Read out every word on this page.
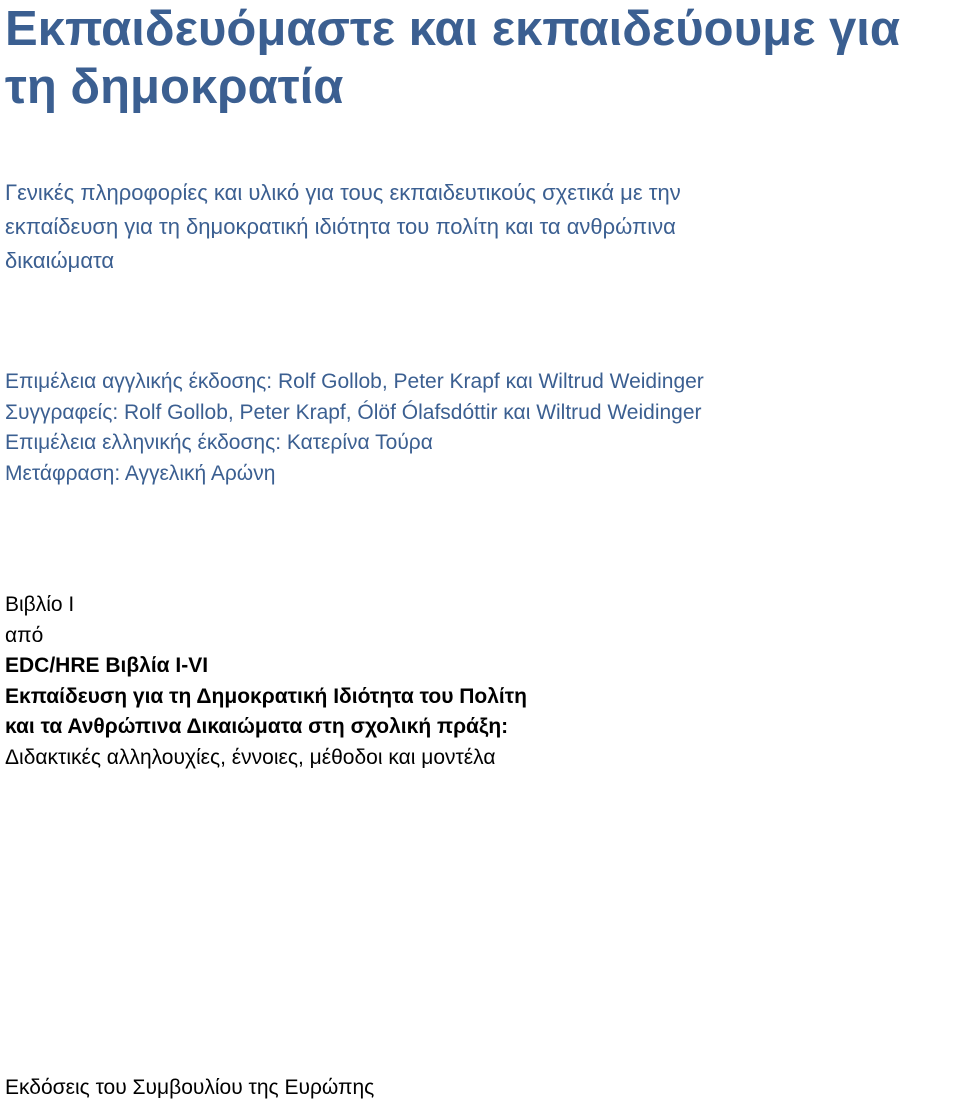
Εκπαιδευόμαστε και εκπαιδεύουμε για
τη δημοκρατία
Γενικές πληροφορίες και υλικό για τους εκπαιδευτικούς σχετικά με την
εκπαίδευση για τη δημοκρατική ιδιότητα του πολίτη και τα ανθρώπινα
δικαιώματα
Επιμέλεια αγγλικής έκδοσης: Rolf Gollob, Peter Krapf και Wiltrud Weidinger
Συγγραφείς: Rolf Gollob, Peter Krapf, Ólöf Ólafsdóttir και Wiltrud Weidinger
Επιμέλεια ελληνικής έκδοσης: Κατερίνα Τούρα
Μετάφραση: Αγγελική Αρώνη
Βιβλίο I
από
EDC/HRE Βιβλία I-VI
Εκπαίδευση για τη Δημοκρατική Ιδιότητα του Πολίτη
και τα Ανθρώπινα Δικαιώματα στη σχολική πράξη:
Διδακτικές αλληλουχίες, έννοιες, μέθοδοι και μοντέλα
Εκδόσεις του Συμβουλίου της Ευρώπης
